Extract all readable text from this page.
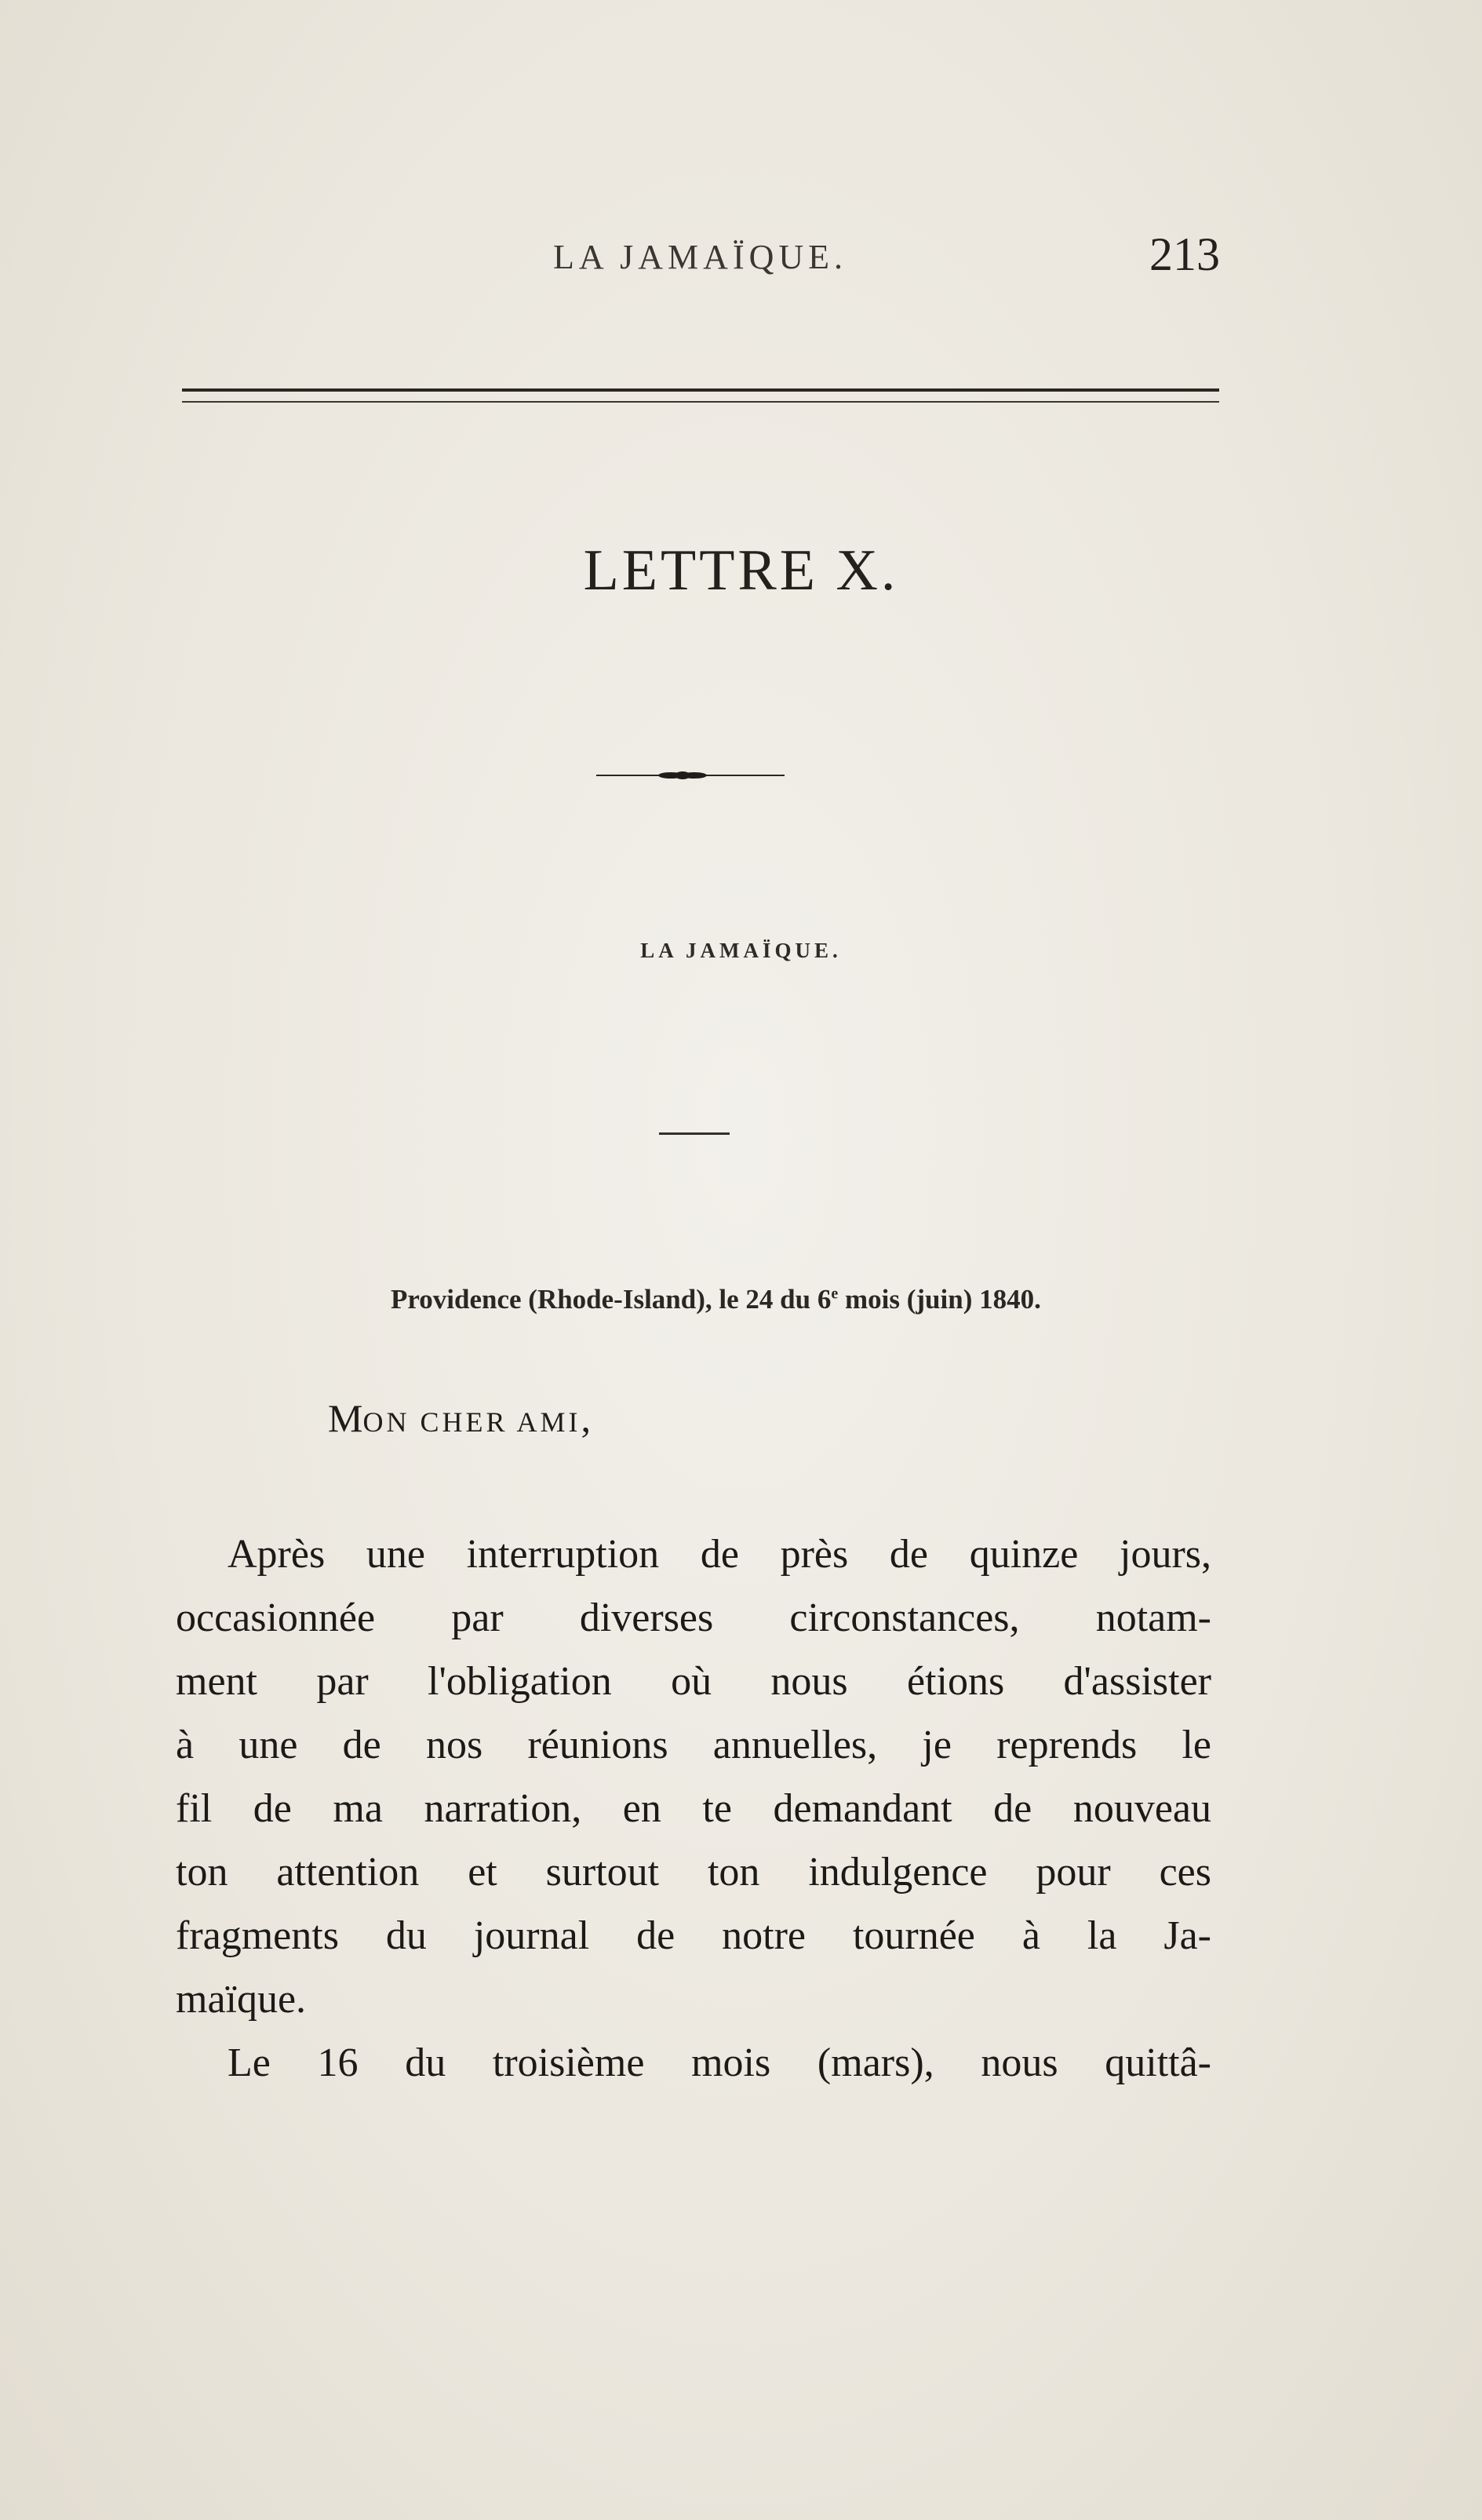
LA JAMAÏQUE.	213
LETTRE X.
LA JAMAÏQUE.
Providence (Rhode-Island), le 24 du 6e mois (juin) 1840.
MON CHER AMI,
Après une interruption de près de quinze jours,
occasionnée par diverses circonstances, notam-
ment par l'obligation où nous étions d'assister
à une de nos réunions annuelles, je reprends le
fil de ma narration, en te demandant de nouveau
ton attention et surtout ton indulgence pour ces
fragments du journal de notre tournée à la Ja-
maïque.
Le 16 du troisième mois (mars), nous quittâ-
